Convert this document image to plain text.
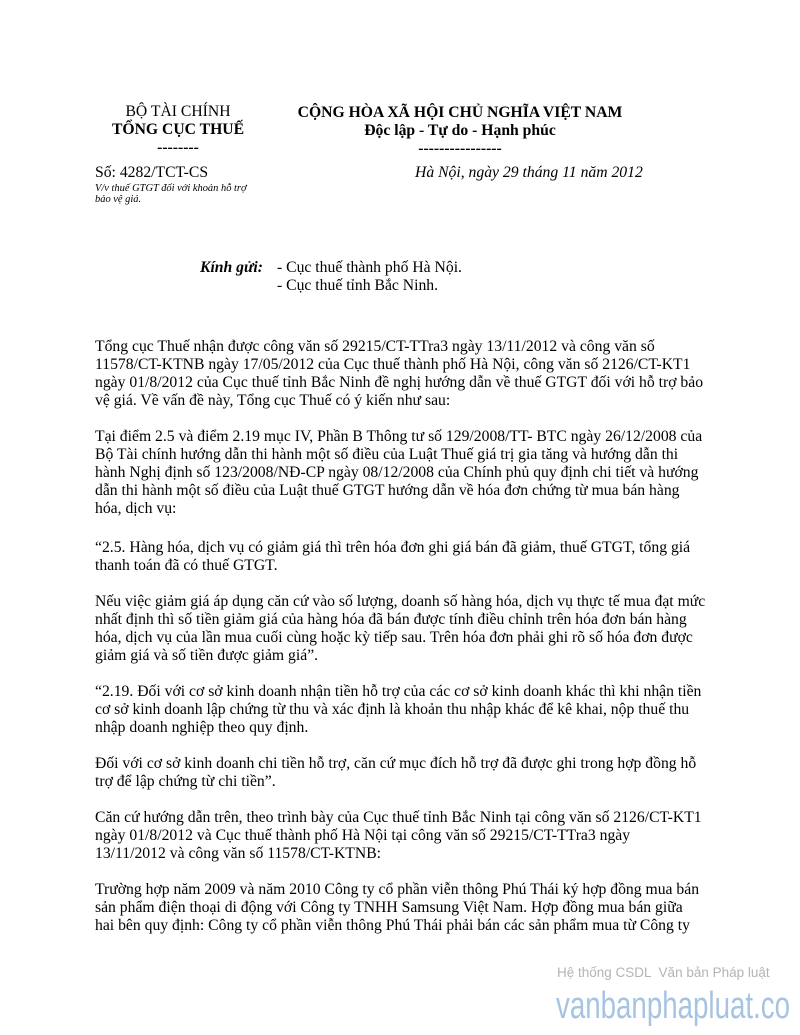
BỘ TÀI CHÍNH
TỔNG CỤC THUẾ
--------
CỘNG HÒA XÃ HỘI CHỦ NGHĨA VIỆT NAM
Độc lập - Tự do - Hạnh phúc
----------------
Số: 4282/TCT-CS	Hà Nội, ngày 29 tháng 11 năm 2012
V/v thuế GTGT đối với khoản hỗ trợ
bảo vệ giá.
Kính gửi: - Cục thuế thành phố Hà Nội.
- Cục thuế tỉnh Bắc Ninh.
Tổng cục Thuế nhận được công văn số 29215/CT-TTra3 ngày 13/11/2012 và công văn số
11578/CT-KTNB ngày 17/05/2012 của Cục thuế thành phố Hà Nội, công văn số 2126/CT-KT1
ngày 01/8/2012 của Cục thuế tỉnh Bắc Ninh đề nghị hướng dẫn về thuế GTGT đối với hỗ trợ bảo
vệ giá. Về vấn đề này, Tổng cục Thuế có ý kiến như sau:
Tại điểm 2.5 và điểm 2.19 mục IV, Phần B Thông tư số 129/2008/TT- BTC ngày 26/12/2008 của
Bộ Tài chính hướng dẫn thi hành một số điều của Luật Thuế giá trị gia tăng và hướng dẫn thi
hành Nghị định số 123/2008/NĐ-CP ngày 08/12/2008 của Chính phủ quy định chi tiết và hướng
dẫn thi hành một số điều của Luật thuế GTGT hướng dẫn về hóa đơn chứng từ mua bán hàng
hóa, dịch vụ:
“2.5. Hàng hóa, dịch vụ có giảm giá thì trên hóa đơn ghi giá bán đã giảm, thuế GTGT, tổng giá
thanh toán đã có thuế GTGT.
Nếu việc giảm giá áp dụng căn cứ vào số lượng, doanh số hàng hóa, dịch vụ thực tế mua đạt mức
nhất định thì số tiền giảm giá của hàng hóa đã bán được tính điều chỉnh trên hóa đơn bán hàng
hóa, dịch vụ của lần mua cuối cùng hoặc kỳ tiếp sau. Trên hóa đơn phải ghi rõ số hóa đơn được
giảm giá và số tiền được giảm giá”.
“2.19. Đối với cơ sở kinh doanh nhận tiền hỗ trợ của các cơ sở kinh doanh khác thì khi nhận tiền
cơ sở kinh doanh lập chứng từ thu và xác định là khoản thu nhập khác để kê khai, nộp thuế thu
nhập doanh nghiệp theo quy định.
Đối với cơ sở kinh doanh chi tiền hỗ trợ, căn cứ mục đích hỗ trợ đã được ghi trong hợp đồng hỗ
trợ để lập chứng từ chi tiền”.
Căn cứ hướng dẫn trên, theo trình bày của Cục thuế tỉnh Bắc Ninh tại công văn số 2126/CT-KT1
ngày 01/8/2012 và Cục thuế thành phố Hà Nội tại công văn số 29215/CT-TTra3 ngày
13/11/2012 và công văn số 11578/CT-KTNB:
Trường hợp năm 2009 và năm 2010 Công ty cổ phần viễn thông Phú Thái ký hợp đồng mua bán
sản phẩm điện thoại di động với Công ty TNHH Samsung Việt Nam. Hợp đồng mua bán giữa
hai bên quy định: Công ty cổ phần viễn thông Phú Thái phải bán các sản phẩm mua từ Công ty
Hệ thống CSDL  Văn bản Pháp luật
vanbanphapluat.co
